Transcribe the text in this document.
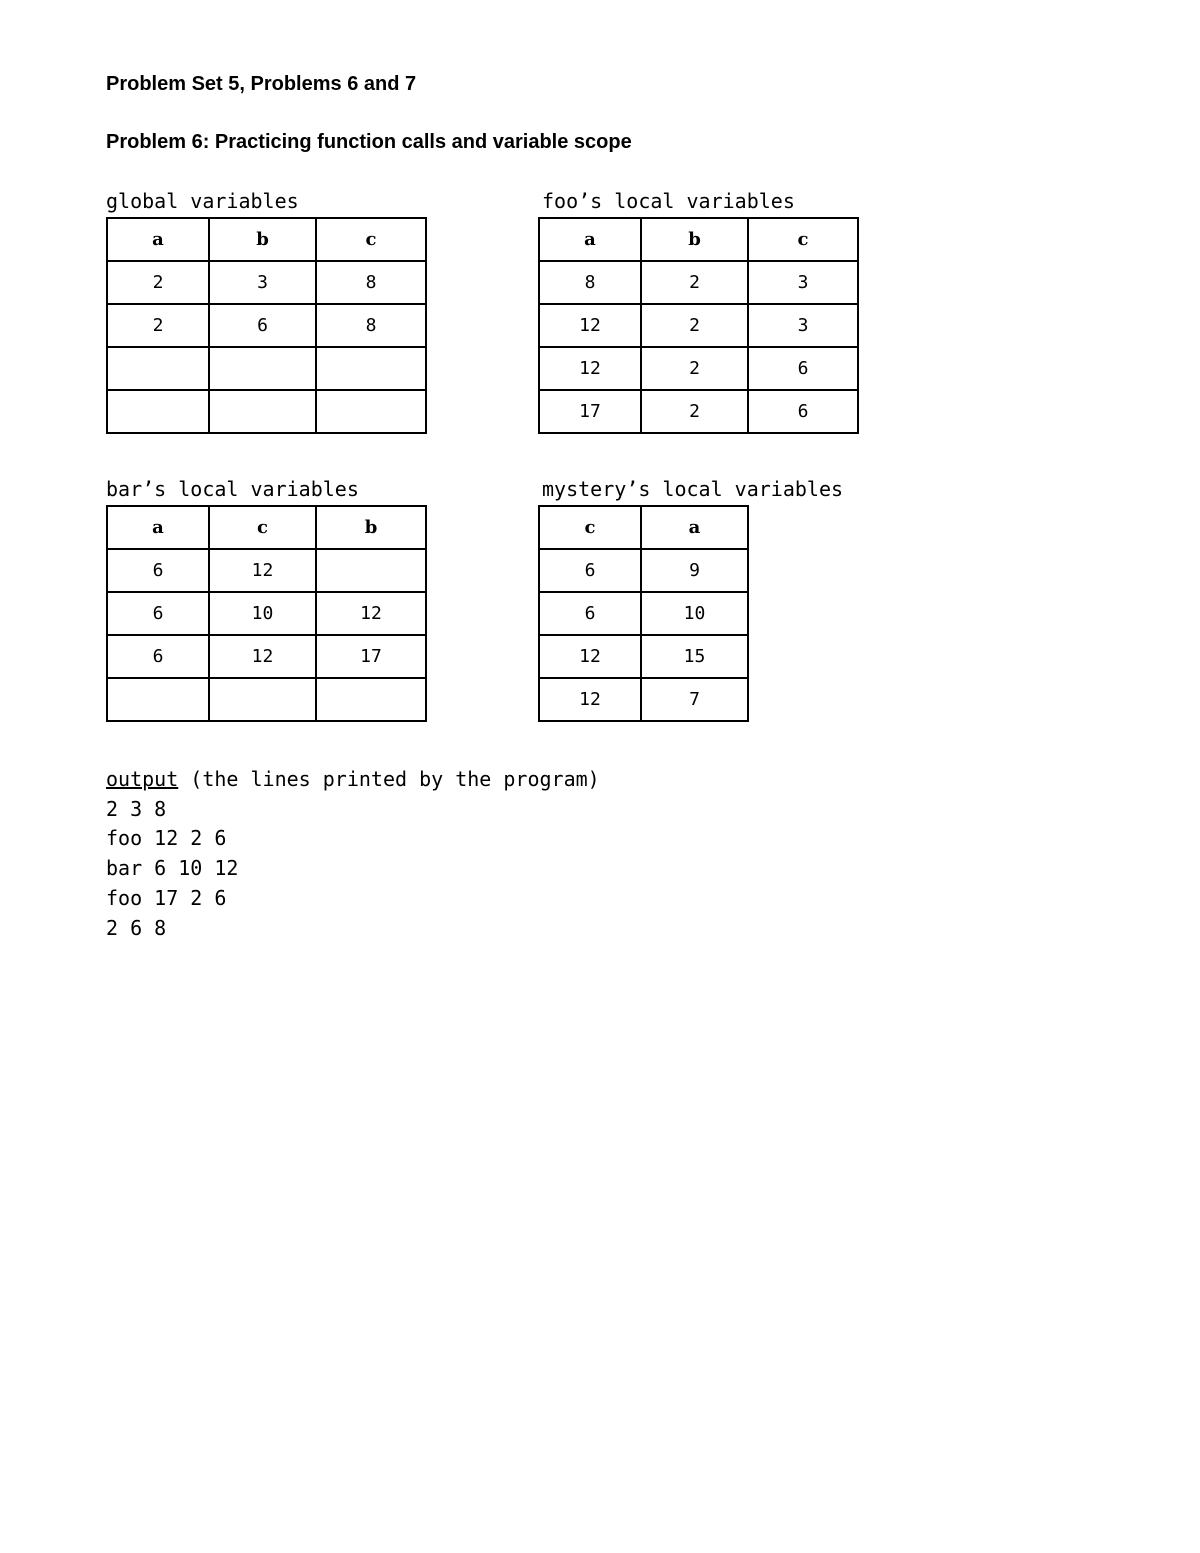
Problem Set 5, Problems 6 and 7
Problem 6: Practicing function calls and variable scope
global variables
a	b	c
2	3	8
2	6	8

foo’s local variables
a	b	c
8	2	3
12	2	3
12	2	6
17	2	6
bar’s local variables
a	c	b
6	12	
6	10	12
6	12	17

mystery’s local variables
c	a
6	9
6	10
12	15
12	7
output (the lines printed by the program)
2 3 8
foo 12 2 6
bar 6 10 12
foo 17 2 6
2 6 8
